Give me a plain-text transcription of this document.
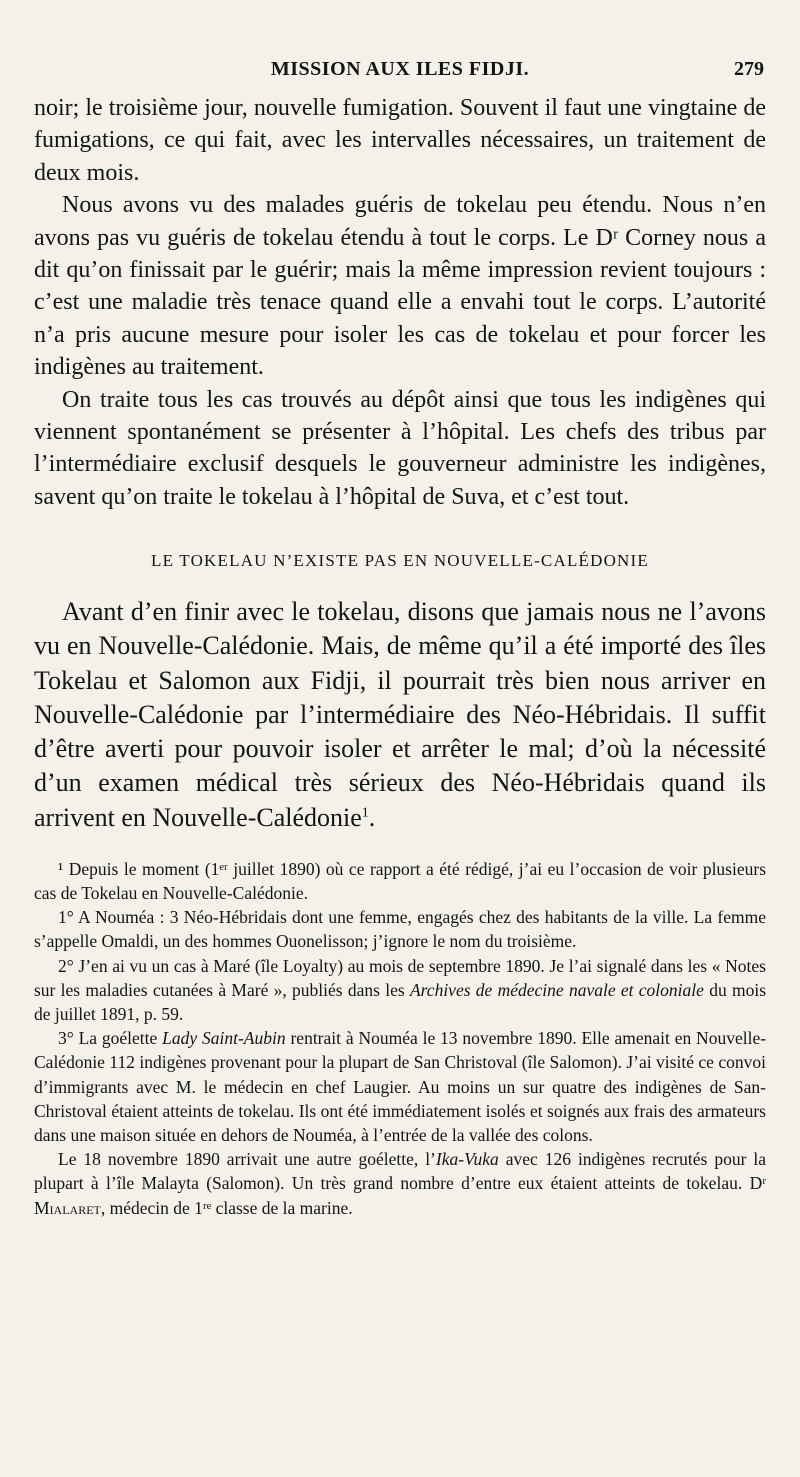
MISSION AUX ILES FIDJI.	279

noir; le troisième jour, nouvelle fumigation. Souvent il faut une vingtaine de fumigations, ce qui fait, avec les intervalles nécessaires, un traitement de deux mois.

Nous avons vu des malades guéris de tokelau peu étendu. Nous n’en avons pas vu guéris de tokelau étendu à tout le corps. Le Dʳ Corney nous a dit qu’on finissait par le guérir; mais la même impression revient toujours : c’est une maladie très tenace quand elle a envahi tout le corps. L’autorité n’a pris aucune mesure pour isoler les cas de tokelau et pour forcer les indigènes au traitement.

On traite tous les cas trouvés au dépôt ainsi que tous les indigènes qui viennent spontanément se présenter à l’hôpital. Les chefs des tribus par l’intermédiaire exclusif desquels le gouverneur administre les indigènes, savent qu’on traite le tokelau à l’hôpital de Suva, et c’est tout.

LE TOKELAU N’EXISTE PAS EN NOUVELLE-CALÉDONIE

Avant d’en finir avec le tokelau, disons que jamais nous ne l’avons vu en Nouvelle-Calédonie. Mais, de même qu’il a été importé des îles Tokelau et Salomon aux Fidji, il pourrait très bien nous arriver en Nouvelle-Calédonie par l’intermédiaire des Néo-Hébridais. Il suffit d’être averti pour pouvoir isoler et arrêter le mal; d’où la nécessité d’un examen médical très sérieux des Néo-Hébridais quand ils arrivent en Nouvelle-Calédonie$^1$.

¹ Depuis le moment (1ᵉʳ juillet 1890) où ce rapport a été rédigé, j’ai eu l’occasion de voir plusieurs cas de Tokelau en Nouvelle-Calédonie.

1° A Nouméa : 3 Néo-Hébridais dont une femme, engagés chez des habitants de la ville. La femme s’appelle Omaldi, un des hommes Ouonelisson; j’ignore le nom du troisième.

2° J’en ai vu un cas à Maré (île Loyalty) au mois de septembre 1890. Je l’ai signalé dans les « Notes sur les maladies cutanées à Maré », publiés dans les Archives de médecine navale et coloniale du mois de juillet 1891, p. 59.

3° La goélette Lady Saint-Aubin rentrait à Nouméa le 13 novembre 1890. Elle amenait en Nouvelle-Calédonie 112 indigènes provenant pour la plupart de San Christoval (île Salomon). J’ai visité ce convoi d’immigrants avec M. le médecin en chef Laugier. Au moins un sur quatre des indigènes de San-Christoval étaient atteints de tokelau. Ils ont été immédiatement isolés et soignés aux frais des armateurs dans une maison située en dehors de Nouméa, à l’entrée de la vallée des colons.

Le 18 novembre 1890 arrivait une autre goélette, l’Ika-Vuka avec 126 indigènes recrutés pour la plupart à l’île Malayta (Salomon). Un très grand nombre d’entre eux étaient atteints de tokelau. Dʳ Mialaret, médecin de 1ʳᵉ classe de la marine.
